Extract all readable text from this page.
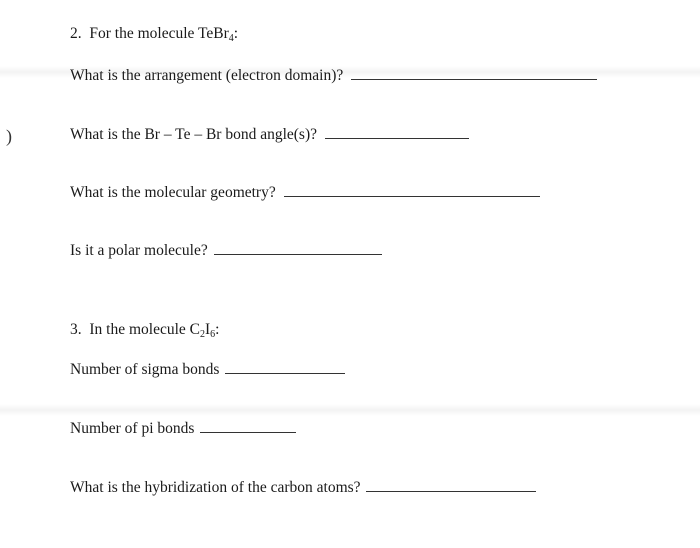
)
2. For the molecule TeBr$_4$:
What is the arrangement (electron domain)?
What is the Br – Te – Br bond angle(s)?
What is the molecular geometry?
Is it a polar molecule?
3. In the molecule $C_2I_6$:
Number of sigma bonds
Number of pi bonds
What is the hybridization of the carbon atoms?
